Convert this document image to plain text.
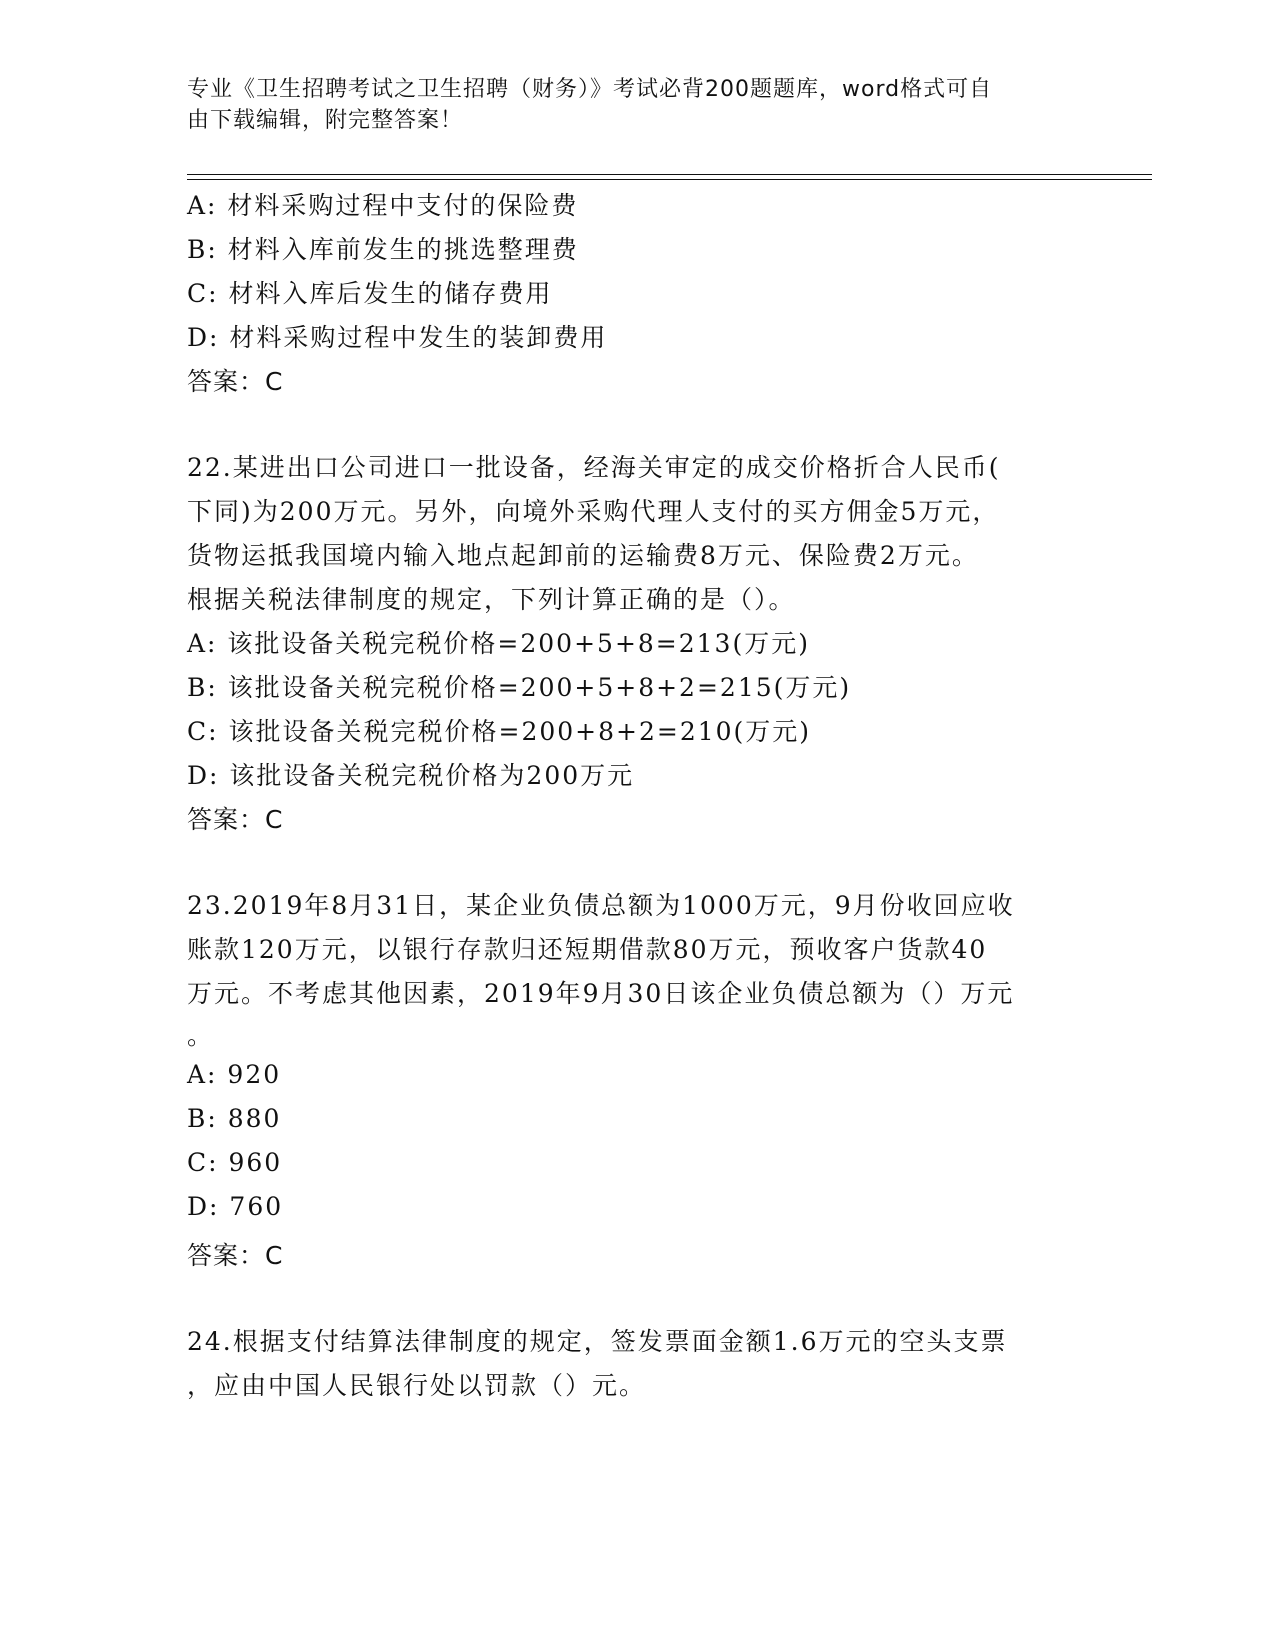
专业《卫生招聘考试之卫生招聘（财务）》考试必背200题题库，word格式可自
由下载编辑，附完整答案！
A: 材料采购过程中支付的保险费
B: 材料入库前发生的挑选整理费
C: 材料入库后发生的储存费用
D: 材料采购过程中发生的装卸费用
答案：C
22.某进出口公司进口一批设备，经海关审定的成交价格折合人民币(
下同)为200万元。另外，向境外采购代理人支付的买方佣金5万元，
货物运抵我国境内输入地点起卸前的运输费8万元、保险费2万元。
根据关税法律制度的规定，下列计算正确的是（）。
A: 该批设备关税完税价格=200+5+8=213(万元)
B: 该批设备关税完税价格=200+5+8+2=215(万元)
C: 该批设备关税完税价格=200+8+2=210(万元)
D: 该批设备关税完税价格为200万元
答案：C
23.2019年8月31日，某企业负债总额为1000万元，9月份收回应收
账款120万元，以银行存款归还短期借款80万元，预收客户货款40
万元。不考虑其他因素，2019年9月30日该企业负债总额为（）万元
。
A: 920
B: 880
C: 960
D: 760
答案：C
24.根据支付结算法律制度的规定，签发票面金额1.6万元的空头支票
，应由中国人民银行处以罚款（）元。
